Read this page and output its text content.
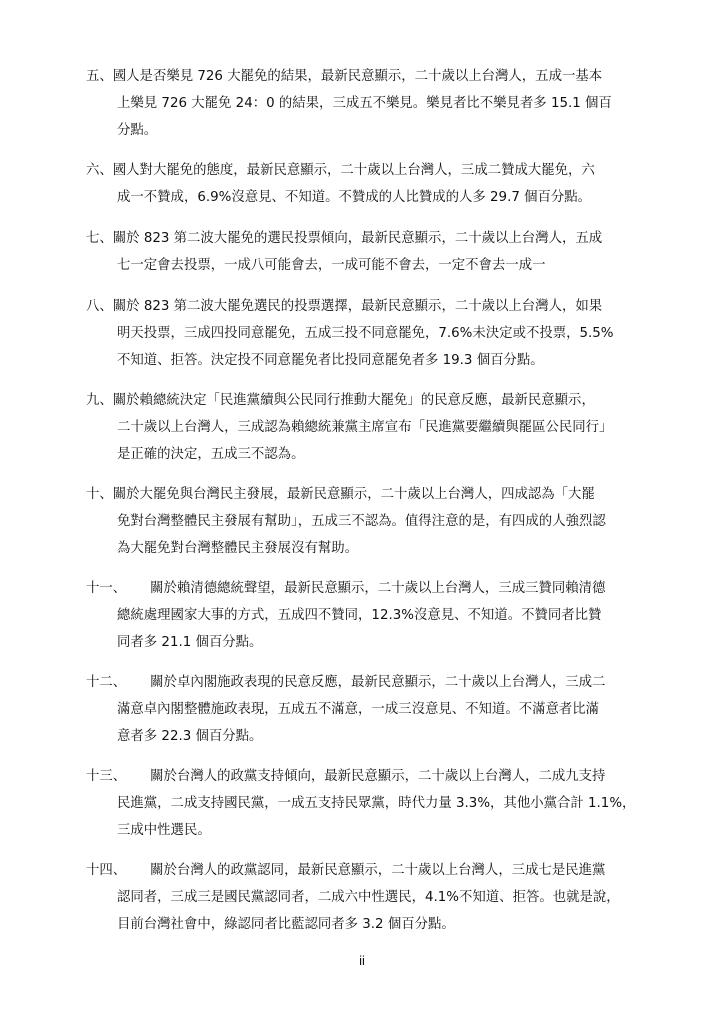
五、國人是否樂見 726 大罷免的結果，最新民意顯示，二十歲以上台灣人，五成一基本
上樂見 726 大罷免 24：0 的結果，三成五不樂見。樂見者比不樂見者多 15.1 個百
分點。
六、國人對大罷免的態度，最新民意顯示，二十歲以上台灣人，三成二贊成大罷免，六
成一不贊成，6.9%沒意見、不知道。不贊成的人比贊成的人多 29.7 個百分點。
七、關於 823 第二波大罷免的選民投票傾向，最新民意顯示，二十歲以上台灣人，五成
七一定會去投票，一成八可能會去，一成可能不會去，一定不會去一成一
八、關於 823 第二波大罷免選民的投票選擇，最新民意顯示，二十歲以上台灣人，如果
明天投票，三成四投同意罷免，五成三投不同意罷免，7.6%未決定或不投票，5.5%
不知道、拒答。決定投不同意罷免者比投同意罷免者多 19.3 個百分點。
九、關於賴總統決定「民進黨續與公民同行推動大罷免」的民意反應，最新民意顯示，
二十歲以上台灣人，三成認為賴總統兼黨主席宣布「民進黨要繼續與罷區公民同行」
是正確的決定，五成三不認為。
十、關於大罷免與台灣民主發展，最新民意顯示，二十歲以上台灣人，四成認為「大罷
免對台灣整體民主發展有幫助」，五成三不認為。值得注意的是，有四成的人強烈認
為大罷免對台灣整體民主發展沒有幫助。
十一、 關於賴清德總統聲望，最新民意顯示，二十歲以上台灣人，三成三贊同賴清德
總統處理國家大事的方式，五成四不贊同，12.3%沒意見、不知道。不贊同者比贊
同者多 21.1 個百分點。
十二、 關於卓內閣施政表現的民意反應，最新民意顯示，二十歲以上台灣人，三成二
滿意卓內閣整體施政表現，五成五不滿意，一成三沒意見、不知道。不滿意者比滿
意者多 22.3 個百分點。
十三、 關於台灣人的政黨支持傾向，最新民意顯示，二十歲以上台灣人，二成九支持
民進黨，二成支持國民黨，一成五支持民眾黨，時代力量 3.3%，其他小黨合計 1.1%，
三成中性選民。
十四、 關於台灣人的政黨認同，最新民意顯示，二十歲以上台灣人，三成七是民進黨
認同者，三成三是國民黨認同者，二成六中性選民，4.1%不知道、拒答。也就是說，
目前台灣社會中，綠認同者比藍認同者多 3.2 個百分點。
ii
